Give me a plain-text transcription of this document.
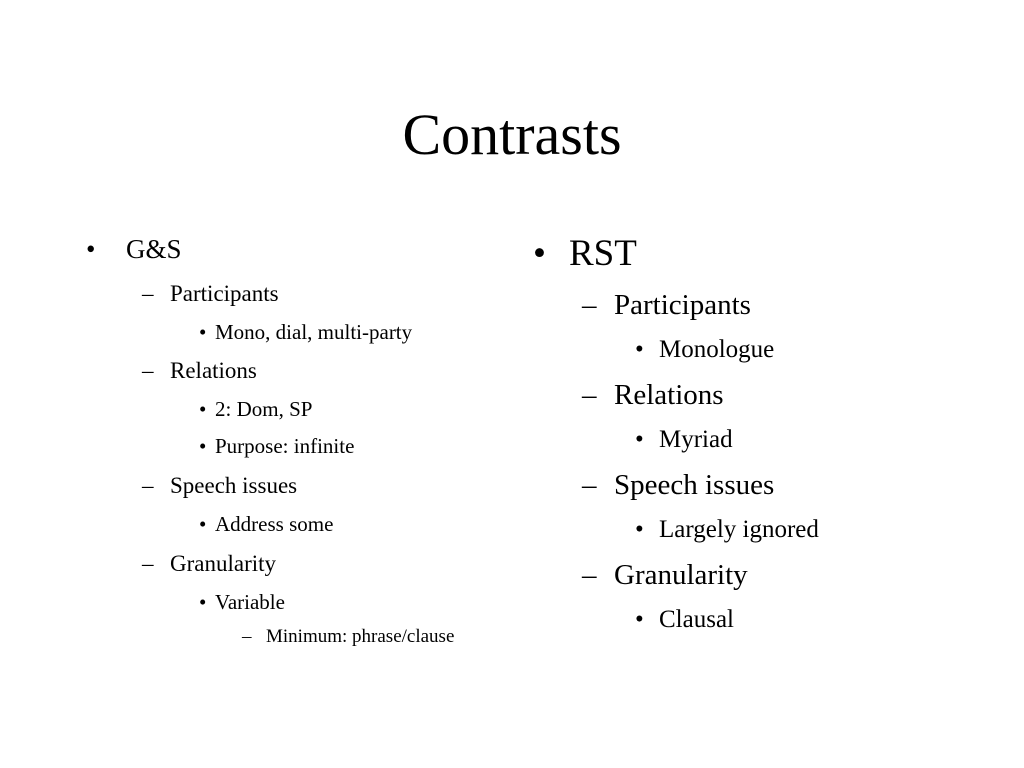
Contrasts
• G&S
– Participants
• Mono, dial, multi-party
– Relations
• 2: Dom, SP
• Purpose: infinite
– Speech issues
• Address some
– Granularity
• Variable
– Minimum: phrase/clause
• RST
– Participants
• Monologue
– Relations
• Myriad
– Speech issues
• Largely ignored
– Granularity
• Clausal
